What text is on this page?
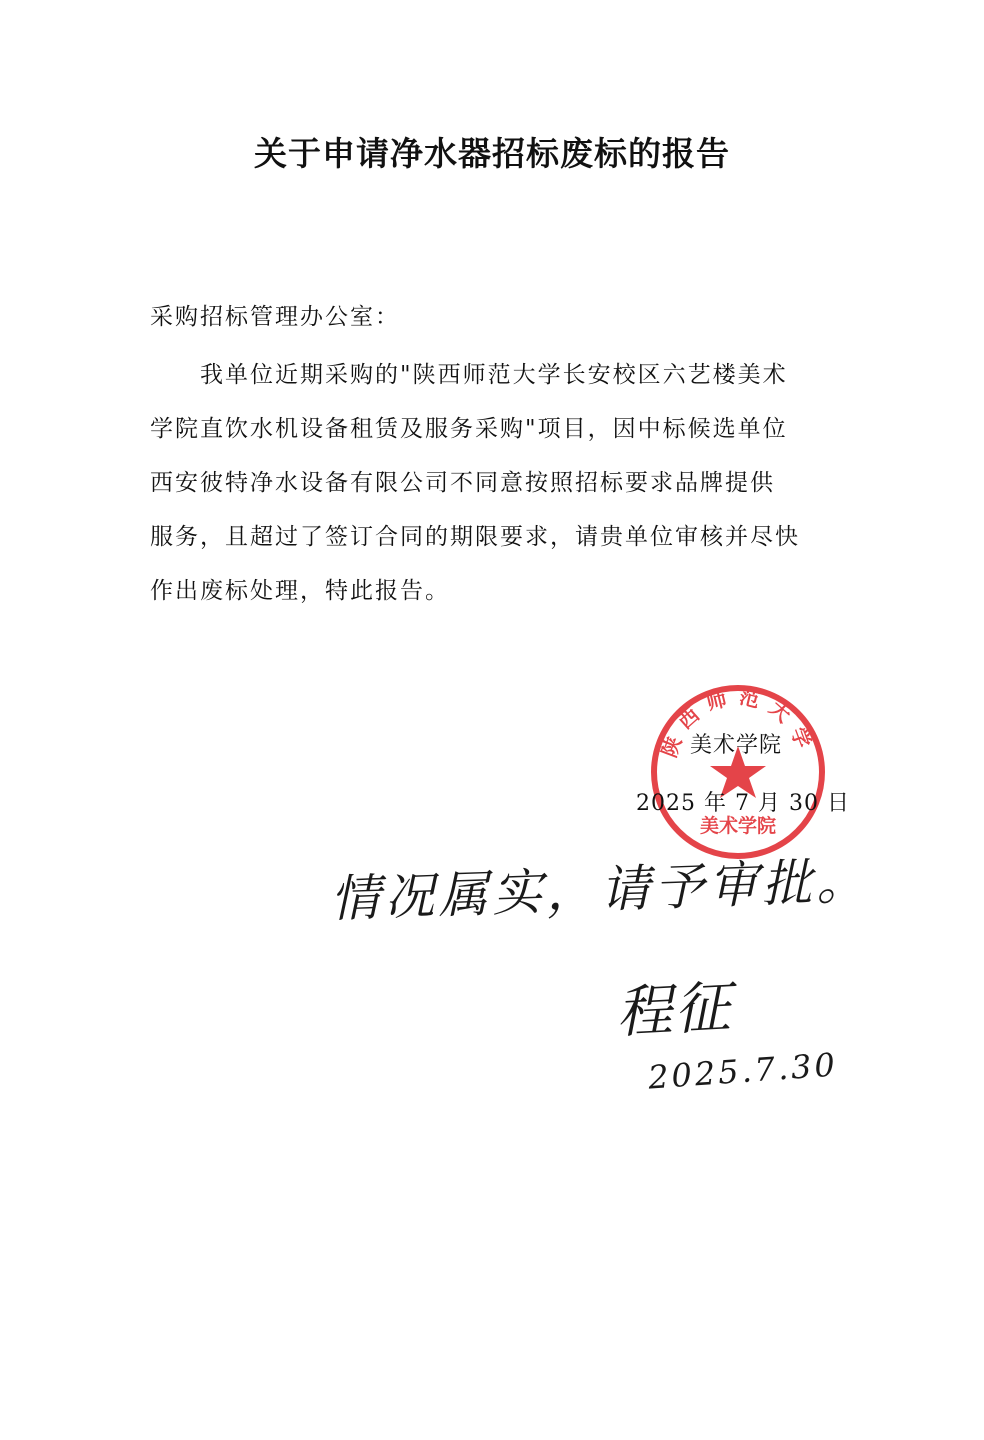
关于申请净水器招标废标的报告
采购招标管理办公室：
我单位近期采购的"陕西师范大学长安校区六艺楼美术
学院直饮水机设备租赁及服务采购"项目，因中标候选单位
西安彼特净水设备有限公司不同意按照招标要求品牌提供
服务，且超过了签订合同的期限要求，请贵单位审核并尽快
作出废标处理，特此报告。
陕西师范大学
美术学院
美术学院
2025 年 7 月 30 日
情况属实，请予审批。
程征
2025.7.30
